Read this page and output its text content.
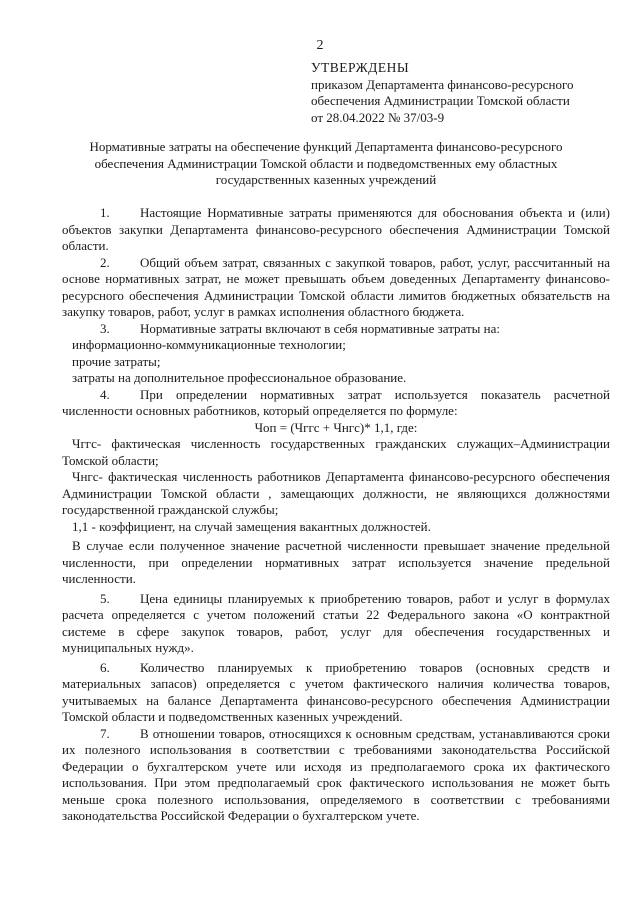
2
УТВЕРЖДЕНЫ
приказом Департамента финансово-ресурсного
обеспечения Администрации Томской области
от 28.04.2022 № 37/03-9
Нормативные затраты на обеспечение функций Департамента финансово-ресурсного обеспечения Администрации Томской области и подведомственных ему областных государственных казенных учреждений

1. Настоящие Нормативные затраты применяются для обоснования объекта и (или) объектов закупки Департамента финансово-ресурсного обеспечения Администрации Томской области.

2. Общий объем затрат, связанных с закупкой товаров, работ, услуг, рассчитанный на основе нормативных затрат, не может превышать объем доведенных Департаменту финансово-ресурсного обеспечения Администрации Томской области лимитов бюджетных обязательств на закупку товаров, работ, услуг в рамках исполнения областного бюджета.

3. Нормативные затраты включают в себя нормативные затраты на:

информационно-коммуникационные технологии;

прочие затраты;

затраты на дополнительное профессиональное образование.

4. При определении нормативных затрат используется показатель расчетной численности основных работников, который определяется по формуле:

Чоп = (Чггс + Чнгс)* 1,1, где:

Чггс- фактическая численность государственных гражданских служащих–Администрации Томской области;

Чнгс- фактическая численность работников Департамента финансово-ресурсного обеспечения Администрации Томской области , замещающих должности, не являющихся должностями государственной гражданской службы;

1,1 - коэффициент, на случай замещения вакантных должностей.

В случае если полученное значение расчетной численности превышает значение предельной численности, при определении нормативных затрат используется значение предельной численности.

5. Цена единицы планируемых к приобретению товаров, работ и услуг в формулах расчета определяется с учетом положений статьи 22 Федерального закона «О контрактной системе в сфере закупок товаров, работ, услуг для обеспечения государственных и муниципальных нужд».

6. Количество планируемых к приобретению товаров (основных средств и материальных запасов) определяется с учетом фактического наличия количества товаров, учитываемых на балансе Департамента финансово-ресурсного обеспечения Администрации Томской области и подведомственных казенных учреждений.

7. В отношении товаров, относящихся к основным средствам, устанавливаются сроки их полезного использования в соответствии с требованиями законодательства Российской Федерации о бухгалтерском учете или исходя из предполагаемого срока их фактического использования. При этом предполагаемый срок фактического использования не может быть меньше срока полезного использования, определяемого в соответствии с требованиями законодательства Российской Федерации о бухгалтерском учете.
